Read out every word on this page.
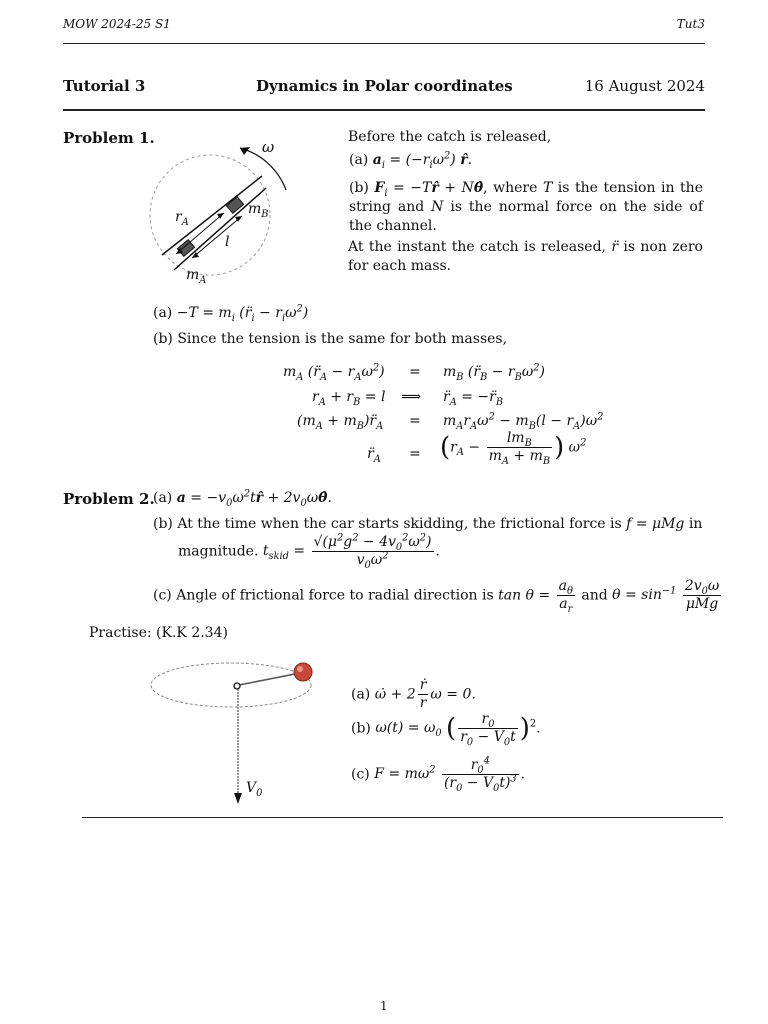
MOW 2024-25 S1	Tut3
Tutorial 3	Dynamics in Polar coordinates	16 August 2024
Problem 1.	ω
$r_A$
$m_B$
l
$m_A$
Before the catch is released,
(a) $a_i = (-r_i\omega^2)$ r̂.
(b) $F_i$ = −Tr̂ + Nθ̂, where T is the tension in the string and N is the normal force on the side of the channel.
At the instant the catch is released, r̈ is non zero for each mass.
$(a) -T = m_i$ $(r̈_i - r_i\omega^2)$
(b) Since the tension is the same for both masses,
$m_A$ $(r̈_A - r_A\omega^2) = m_B$ $(r̈_B - r_B\omega^2)$
$r_A + r_B = l$ ⟹ $r̈_A$ = $-r̈_B$
($m_A$ + $m_B)r̈_A = m_Ar_A\omega^2 - m_B(l - r_A)\omega^2$
$r̈_A = (r_A - \frac{lm_B}{m_A + m_B}$ ) $\omega^2$
Problem 2.
(a) $a = -v_0\omega^2tr̂$ + $2v_0\omega\thetâ$.
(b) At the time when the car starts skidding, the frictional force is f = μMg in
magnitude. $t_{skid} = \frac{√(\mu^2g^2 - 4v_0^2\omega^2)}{v_0\omega^2}$ .
(c) Angle of frictional force to radial direction is $\tan \theta = \frac{a_\theta}{a_r}$ and $\theta = \sin^{-1} \frac{2v_0\omega}{\text{μMg}}$
Practise: (K.K 2.34)
$V_0$
(a) ω̇ + $2 \frac{\text{ṙ}}{r}$ ω = 0.
(b) $\omega(t) = \omega_0$ ( $\frac{r_0}{r_0 - V_0t} )^2$.
(c) $F = m\omega^2 \frac{r_0^4}{(r_0 - V_0t)^3}$ .
1
